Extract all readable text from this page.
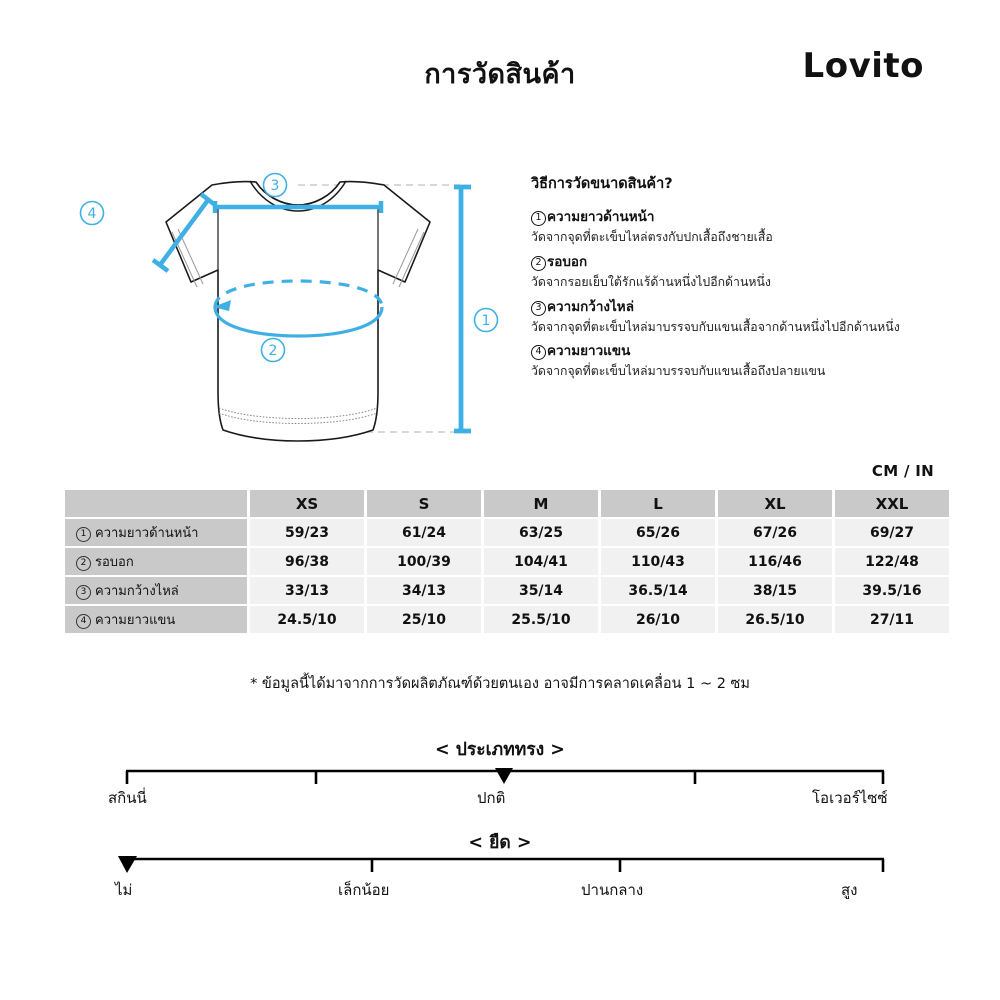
การวัดสินค้า	Lovito
3
2
4
1
วิธีการวัดขนาดสินค้า?
1 ความยาวด้านหน้า
วัดจากจุดที่ตะเข็บไหล่ตรงกับปกเสื้อถึงชายเสื้อ
2 รอบอก
วัดจากรอยเย็บใต้รักแร้ด้านหนึ่งไปอีกด้านหนึ่ง
3 ความกว้างไหล่
วัดจากจุดที่ตะเข็บไหล่มาบรรจบกับแขนเสื้อจากด้านหนึ่งไปอีกด้านหนึ่ง
4 ความยาวแขน
วัดจากจุดที่ตะเข็บไหล่มาบรรจบกับแขนเสื้อถึงปลายแขน
CM / IN
	XS	S	M	L	XL	XXL
1 ความยาวด้านหน้า	59/23	61/24	63/25	65/26	67/26	69/27
2 รอบอก	96/38	100/39	104/41	110/43	116/46	122/48
3 ความกว้างไหล่	33/13	34/13	35/14	36.5/14	38/15	39.5/16
4 ความยาวแขน	24.5/10	25/10	25.5/10	26/10	26.5/10	27/11
* ข้อมูลนี้ได้มาจากการวัดผลิตภัณฑ์ด้วยตนเอง อาจมีการคลาดเคลื่อน 1 ~ 2 ซม
< ประเภททรง >
สกินนี่	ปกติ	โอเวอร์ไซซ์
< ยืด >
ไม่	เล็กน้อย	ปานกลาง	สูง
